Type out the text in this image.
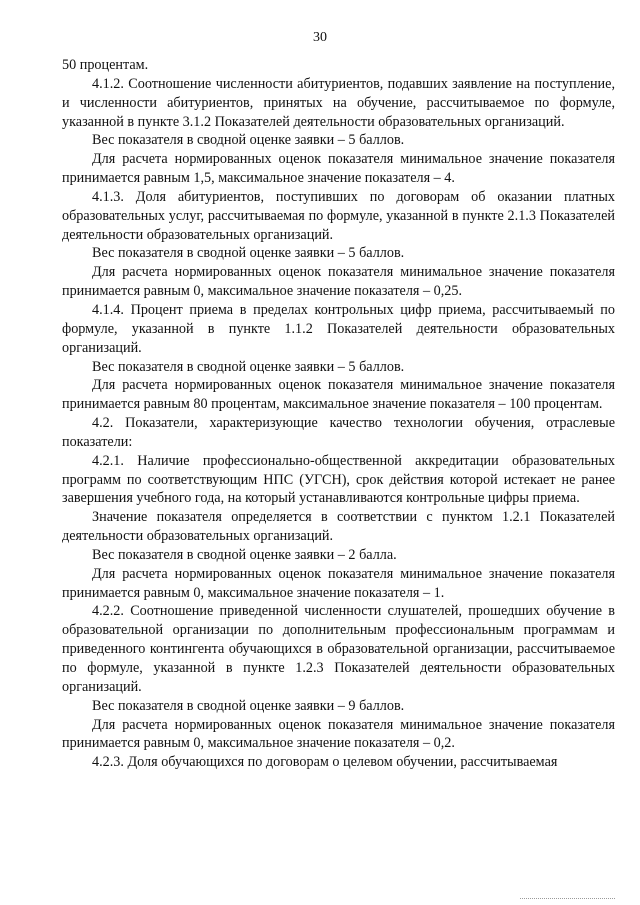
30

50 процентам.

4.1.2. Соотношение численности абитуриентов, подавших заявление на поступление, и численности абитуриентов, принятых на обучение, рассчитываемое по формуле, указанной в пункте 3.1.2 Показателей деятельности образовательных организаций.

Вес показателя в сводной оценке заявки – 5 баллов.

Для расчета нормированных оценок показателя минимальное значение показателя принимается равным 1,5, максимальное значение показателя – 4.

4.1.3. Доля абитуриентов, поступивших по договорам об оказании платных образовательных услуг, рассчитываемая по формуле, указанной в пункте 2.1.3 Показателей деятельности образовательных организаций.

Вес показателя в сводной оценке заявки – 5 баллов.

Для расчета нормированных оценок показателя минимальное значение показателя принимается равным 0, максимальное значение показателя – 0,25.

4.1.4. Процент приема в пределах контрольных цифр приема, рассчитываемый по формуле, указанной в пункте 1.1.2 Показателей деятельности образовательных организаций.

Вес показателя в сводной оценке заявки – 5 баллов.

Для расчета нормированных оценок показателя минимальное значение показателя принимается равным 80 процентам, максимальное значение показателя – 100 процентам.

4.2. Показатели, характеризующие качество технологии обучения, отраслевые показатели:

4.2.1. Наличие профессионально-общественной аккредитации образовательных программ по соответствующим НПС (УГСН), срок действия которой истекает не ранее завершения учебного года, на который устанавливаются контрольные цифры приема.

Значение показателя определяется в соответствии с пунктом 1.2.1 Показателей деятельности образовательных организаций.

Вес показателя в сводной оценке заявки – 2 балла.

Для расчета нормированных оценок показателя минимальное значение показателя принимается равным 0, максимальное значение показателя – 1.

4.2.2. Соотношение приведенной численности слушателей, прошедших обучение в образовательной организации по дополнительным профессиональным программам и приведенного контингента обучающихся в образовательной организации, рассчитываемое по формуле, указанной в пункте 1.2.3 Показателей деятельности образовательных организаций.

Вес показателя в сводной оценке заявки – 9 баллов.

Для расчета нормированных оценок показателя минимальное значение показателя принимается равным 0, максимальное значение показателя – 0,2.

4.2.3. Доля обучающихся по договорам о целевом обучении, рассчитываемая
